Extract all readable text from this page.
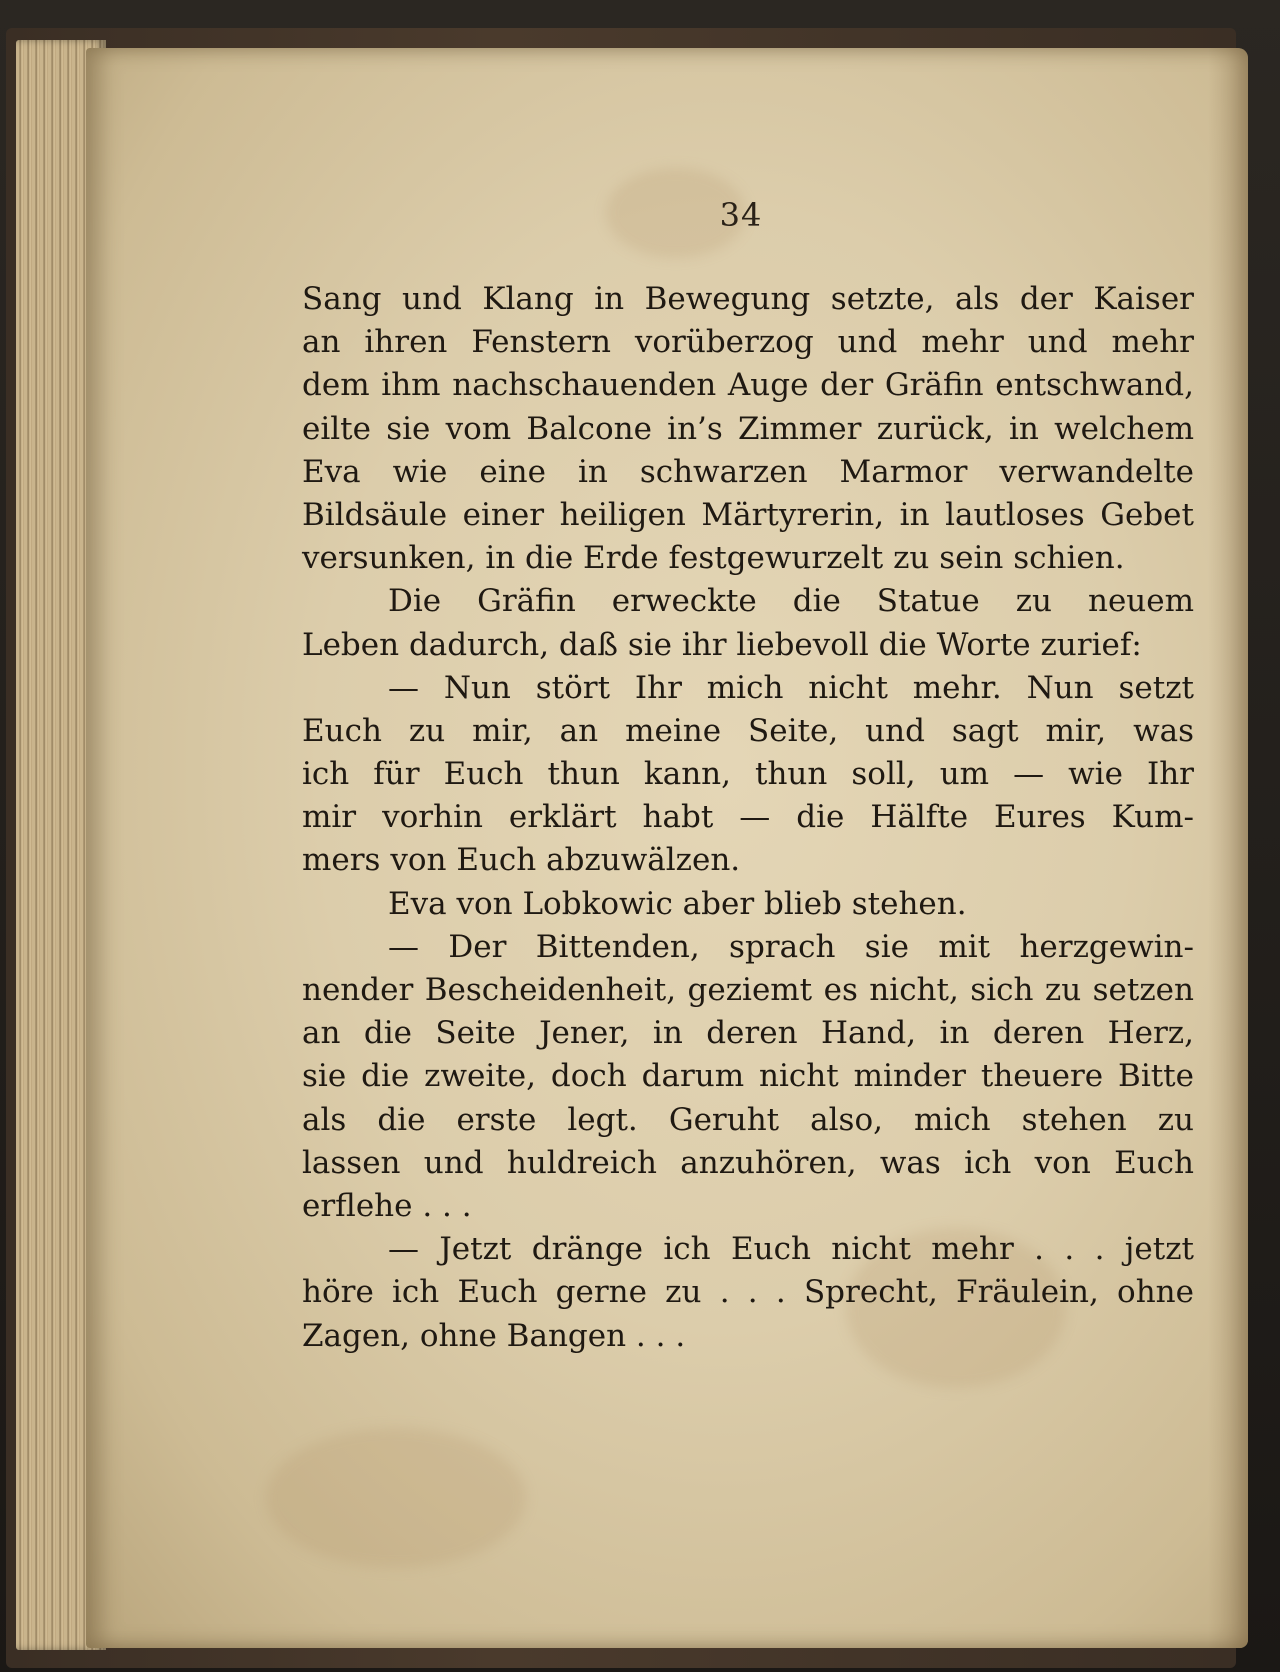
34
Sang und Klang in Bewegung setzte, als der Kaiser
an ihren Fenstern vorüberzog und mehr und mehr
dem ihm nachschauenden Auge der Gräfin entschwand,
eilte sie vom Balcone in’s Zimmer zurück, in welchem
Eva wie eine in schwarzen Marmor verwandelte
Bildsäule einer heiligen Märtyrerin, in lautloses Gebet
versunken, in die Erde festgewurzelt zu sein schien.
Die Gräfin erweckte die Statue zu neuem
Leben dadurch, daß sie ihr liebevoll die Worte zurief:
— Nun stört Ihr mich nicht mehr. Nun setzt
Euch zu mir, an meine Seite, und sagt mir, was
ich für Euch thun kann, thun soll, um — wie Ihr
mir vorhin erklärt habt — die Hälfte Eures Kum-
mers von Euch abzuwälzen.
Eva von Lobkowic aber blieb stehen.
— Der Bittenden, sprach sie mit herzgewin-
nender Bescheidenheit, geziemt es nicht, sich zu setzen
an die Seite Jener, in deren Hand, in deren Herz,
sie die zweite, doch darum nicht minder theuere Bitte
als die erste legt. Geruht also, mich stehen zu
lassen und huldreich anzuhören, was ich von Euch
erflehe . . .
— Jetzt dränge ich Euch nicht mehr . . . jetzt
höre ich Euch gerne zu . . . Sprecht, Fräulein, ohne
Zagen, ohne Bangen . . .
